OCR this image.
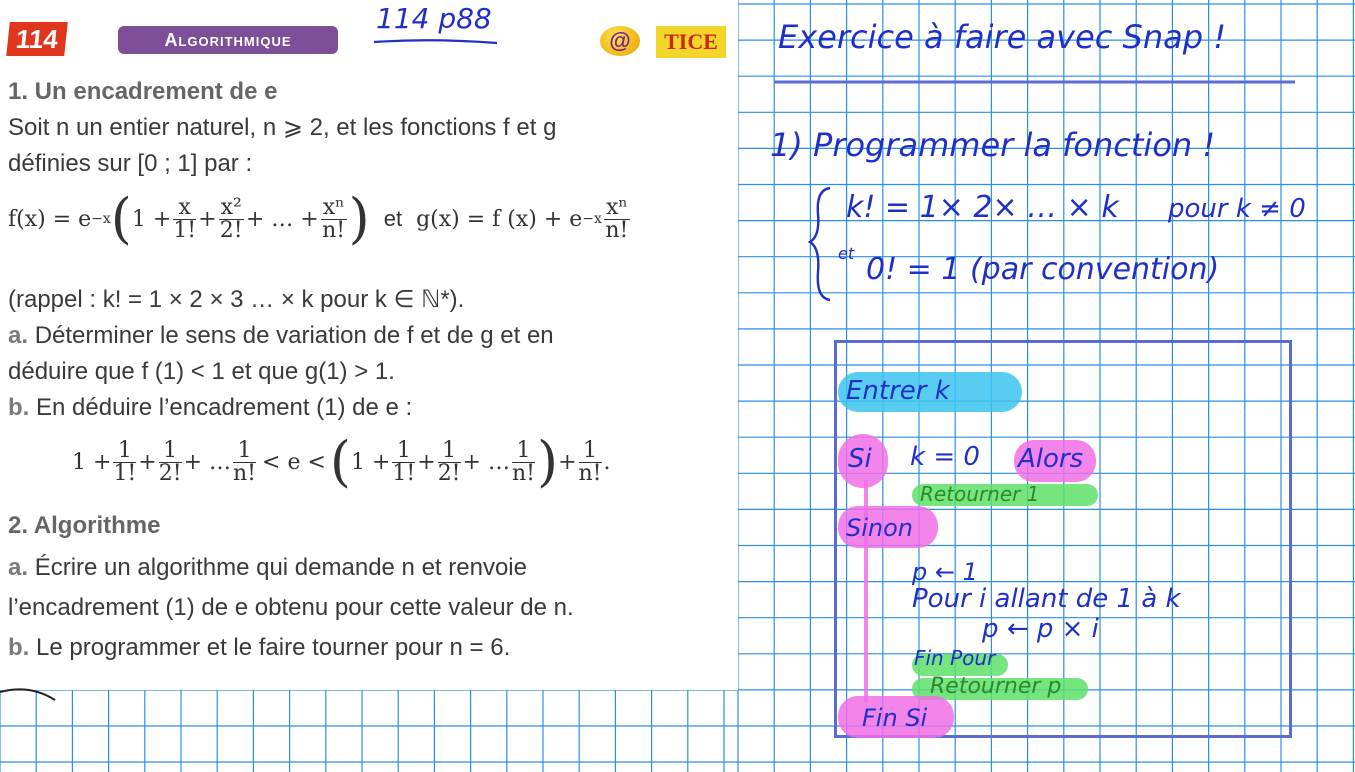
114	Algorithmique	@	TICE
1. Un encadrement de e
Soit n un entier naturel, n ⩾ 2, et les fonctions f et g
définies sur [0 ; 1] par :
f(x) = e −x ( $1 + \frac{x}{1!} + \frac{\text{x²}}{2!}$ + … + $\frac{\text{xⁿ}}{n!}$ ) et g(x) = f $(x) + e -x \frac{\text{xⁿ}}{n!}$
(rappel : k! = 1 × 2 × 3 … × k pour k ∈ ℕ*).
a. Déterminer le sens de variation de f et de g et en
déduire que f (1) < 1 et que g(1) > 1.
b. En déduire l’encadrement (1) de e :
$1 + \frac{1}{1!} + \frac{1}{2!}$ + … $\frac{1}{n!} < e$ < ( $1 + \frac{1}{1!} + \frac{1}{2!}$ + … $\frac{1}{n!}$ ) + $\frac{1}{n!}$ .
2. Algorithme
a. Écrire un algorithme qui demande n et renvoie
l’encadrement (1) de e obtenu pour cette valeur de n.
b. Le programmer et le faire tourner pour n = 6.
114 p88	Exercice à faire avec Snap !
1) Programmer la fonction !
k! = 1× 2× … × k pour k ≠ 0
et 0! = 1 (par convention)
Entrer k
Si k = 0 Alors
Retourner 1
Sinon
p ← 1
Pour i allant de 1 à k
p ← p × i
Fin Pour
Retourner p
Fin Si
